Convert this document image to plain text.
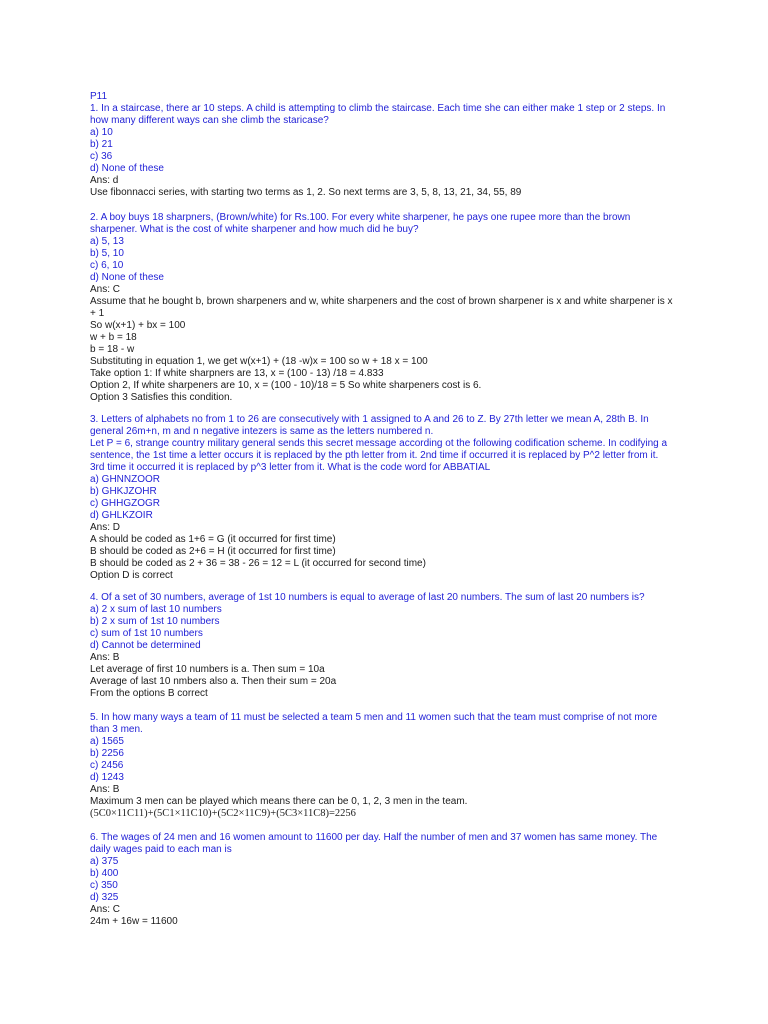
P11
1. In a staircase, there ar 10 steps. A child is attempting to climb the staircase. Each time she can either make 1 step or 2 steps. In
how many different ways can she climb the staricase?
a) 10
b) 21
c) 36
d) None of these
Ans: d
Use fibonnacci series, with starting two terms as 1, 2. So next terms are 3, 5, 8, 13, 21, 34, 55, 89
2. A boy buys 18 sharpners, (Brown/white) for Rs.100. For every white sharpener, he pays one rupee more than the brown
sharpener. What is the cost of white sharpener and how much did he buy?
a) 5, 13
b) 5, 10
c) 6, 10
d) None of these
Ans: C
Assume that he bought b, brown sharpeners and w, white sharpeners and the cost of brown sharpener is x and white sharpener is x
+ 1
So w(x+1) + bx = 100
w + b = 18
b = 18 - w
Substituting in equation 1, we get w(x+1) + (18 -w)x = 100 so w + 18 x = 100
Take option 1: If white sharpners are 13, x = (100 - 13) /18 = 4.833
Option 2, If white sharpeners are 10, x = (100 - 10)/18 = 5 So white sharpeners cost is 6.
Option 3 Satisfies this condition.
3. Letters of alphabets no from 1 to 26 are consecutively with 1 assigned to A and 26 to Z. By 27th letter we mean A, 28th B. In
general 26m+n, m and n negative intezers is same as the letters numbered n.
Let P = 6, strange country military general sends this secret message according ot the following codification scheme. In codifying a
sentence, the 1st time a letter occurs it is replaced by the pth letter from it. 2nd time if occurred it is replaced by P^2 letter from it.
3rd time it occurred it is replaced by p^3 letter from it. What is the code word for ABBATIAL
a) GHNNZOOR
b) GHKJZOHR
c) GHHGZOGR
d) GHLKZOIR
Ans: D
A should be coded as 1+6 = G (it occurred for first time)
B should be coded as 2+6 = H (it occurred for first time)
B should be coded as 2 + 36 = 38 - 26 = 12 = L (it occurred for second time)
Option D is correct
4. Of a set of 30 numbers, average of 1st 10 numbers is equal to average of last 20 numbers. The sum of last 20 numbers is?
a) 2 x sum of last 10 numbers
b) 2 x sum of 1st 10 numbers
c) sum of 1st 10 numbers
d) Cannot be determined
Ans: B
Let average of first 10 numbers is a. Then sum = 10a
Average of last 10 nmbers also a. Then their sum = 20a
From the options B correct
5. In how many ways a team of 11 must be selected a team 5 men and 11 women such that the team must comprise of not more
than 3 men.
a) 1565
b) 2256
c) 2456
d) 1243
Ans: B
Maximum 3 men can be played which means there can be 0, 1, 2, 3 men in the team.
(5C0×11C11)+(5C1×11C10)+(5C2×11C9)+(5C3×11C8)=2256
6. The wages of 24 men and 16 women amount to 11600 per day. Half the number of men and 37 women has same money. The
daily wages paid to each man is
a) 375
b) 400
c) 350
d) 325
Ans: C
24m + 16w = 11600
